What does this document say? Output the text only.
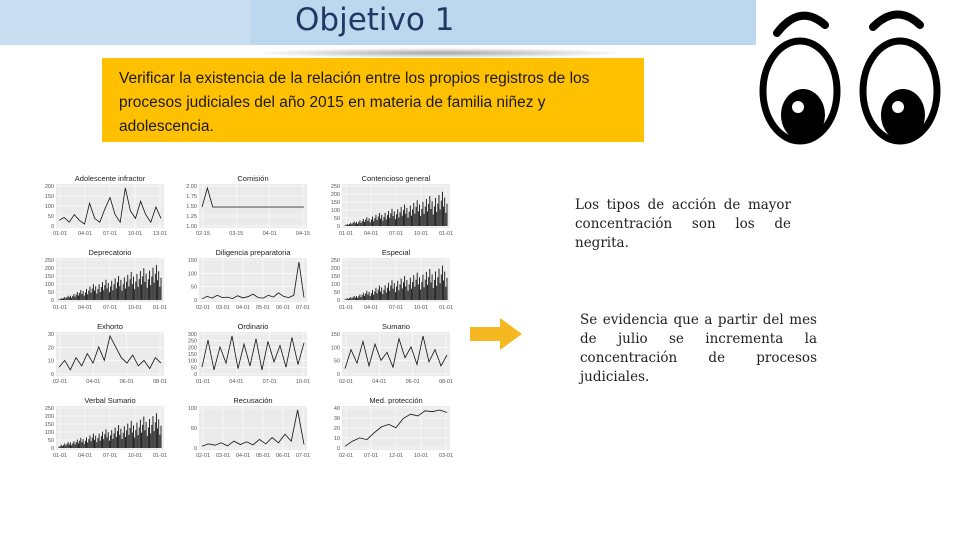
Objetivo 1
Verificar la existencia de la relación entre los propios registros de los procesos judiciales del año 2015 en materia de familia niñez y adolescencia.
Adolescente infractor
200
150
100
50
0
01-01 04-01 07-01 10-01 13-01
Comisión
2.00
1.75
1.50
1.25
1.00
02-15	03-15	04-01	04-15
Contencioso general
250
200
150
100
50
0
01-01 04-01 07-01 10-01 01-01
Deprecatorio
250
200
150
100
50
0
01-01 04-01 07-01 10-01 01-01
Diligencia preparatoria
150
100
50
0
02-01 03-01 04-01 05-01 06-01 07-01
Especial
250
200
150
100
50
0
01-01 04-01 07-01 10-01 01-01
Exhorto
30
20
10
0
02-01	04-01	06-01	08-01
Ordinario
300
250
200
150
100
50
0
01-01	04-01	07-01	10-01
Sumario
150
100
50
0
02-01	04-01	06-01	08-01
Verbal Sumario
250
200
150
100
50
0
01-01 04-01 07-01 10-01 01-01
Recusación
100
50
0
02-01 03-01 04-01 05-01 06-01 07-01
Med. protección
40
30
20
10
0
02-01 07-01 12-01 10-01 03-01
Los tipos de acción de mayor concentración son los de negrita.
Se evidencia que a partir del mes de julio se incrementa la concentración de procesos judiciales.
